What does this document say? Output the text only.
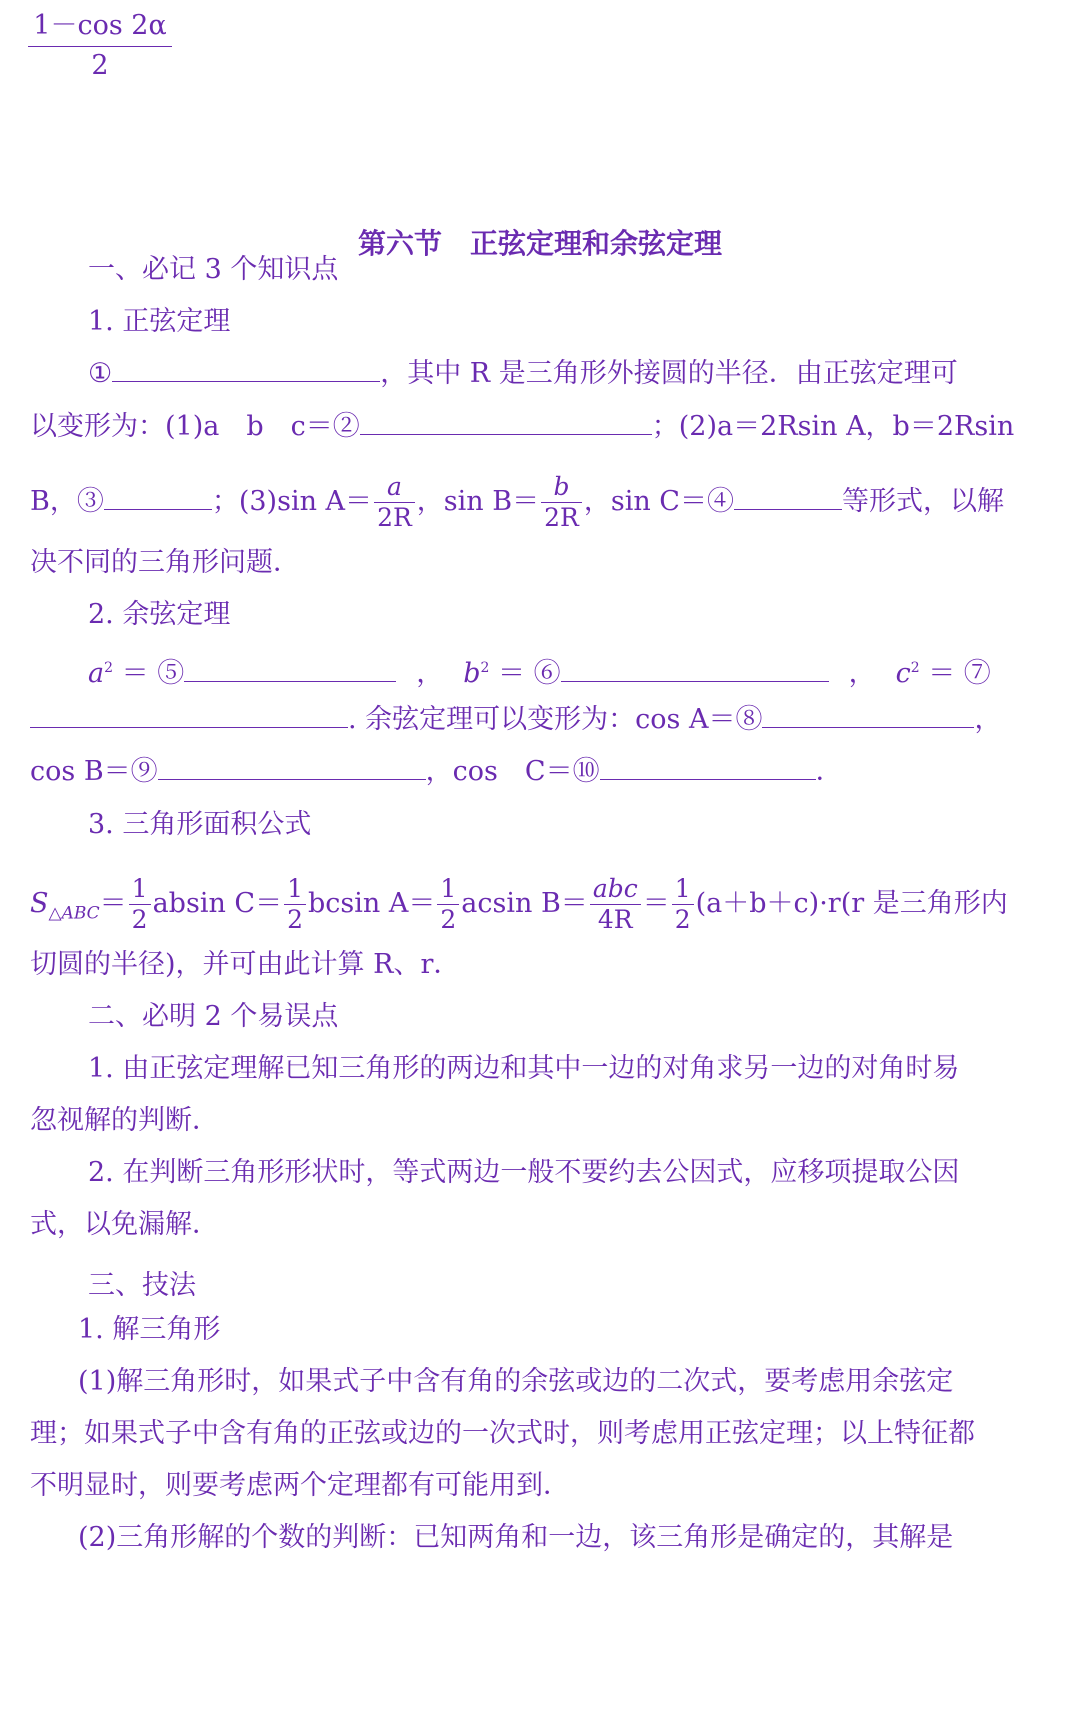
$\frac{1-\cos 2\alpha}{2}$
第六节　正弦定理和余弦定理
一、必记 3 个知识点
1. 正弦定理
①	，其中 R 是三角形外接圆的半径．由正弦定理可
以变形为：(1)a　b　c＝②	；(2)a＝2Rsin A，b＝2Rsin
B，③	；(3)sin $A= \frac{a}{2R}$ ，$\sin B= \frac{b}{2R}$ ，sin C＝④	等形式，以解
决不同的三角形问题．
2. 余弦定理
$a^2$ ＝ ⑤	， $b^2$ ＝ ⑥	， $c^2$ ＝ ⑦
. 余弦定理可以变形为：cos A＝⑧	，
cos B＝⑨	，cos　C＝⑩	．
3. 三角形面积公式
$S_{\triangle ABC}= \frac{1}{2}$ absin $C= \frac{1}{2}$ bcsin $A= \frac{1}{2}$ acsin $B= \frac{\text{abc}}{4R} = \frac{1}{2} (a+b+c)\cdot r(r$ 是三角形内
切圆的半径)，并可由此计算 R、r．
二、必明 2 个易误点
1. 由正弦定理解已知三角形的两边和其中一边的对角求另一边的对角时易
忽视解的判断．
2. 在判断三角形形状时，等式两边一般不要约去公因式，应移项提取公因
式，以免漏解．
三、技法
1. 解三角形
(1)解三角形时，如果式子中含有角的余弦或边的二次式，要考虑用余弦定
理；如果式子中含有角的正弦或边的一次式时，则考虑用正弦定理；以上特征都
不明显时，则要考虑两个定理都有可能用到．
(2)三角形解的个数的判断：已知两角和一边，该三角形是确定的，其解是
